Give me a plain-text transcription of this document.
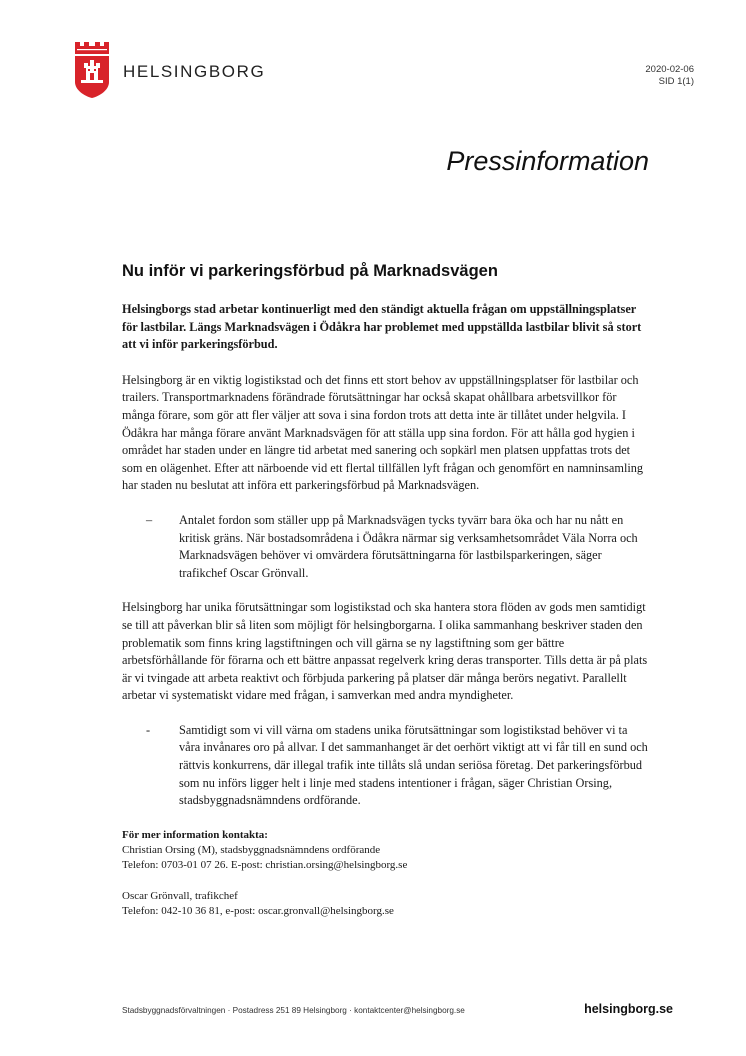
HELSINGBORG	2020-02-06
SID 1(1)
Pressinformation
Nu inför vi parkeringsförbud på Marknadsvägen

Helsingborgs stad arbetar kontinuerligt med den ständigt aktuella frågan om uppställningsplatser för lastbilar. Längs Marknadsvägen i Ödåkra har problemet med uppställda lastbilar blivit så stort att vi inför parkeringsförbud.

Helsingborg är en viktig logistikstad och det finns ett stort behov av uppställningsplatser för lastbilar och trailers. Transportmarknadens förändrade förutsättningar har också skapat ohållbara arbetsvillkor för många förare, som gör att fler väljer att sova i sina fordon trots att detta inte är tillåtet under helgvila. I Ödåkra har många förare använt Marknadsvägen för att ställa upp sina fordon. För att hålla god hygien i området har staden under en längre tid arbetat med sanering och sopkärl men platsen uppfattas trots det som en olägenhet. Efter att närboende vid ett flertal tillfällen lyft frågan och genomfört en namninsamling har staden nu beslutat att införa ett parkeringsförbud på Marknadsvägen.

–	Antalet fordon som ställer upp på Marknadsvägen tycks tyvärr bara öka och har nu nått en kritisk gräns. När bostadsområdena i Ödåkra närmar sig verksamhetsområdet Väla Norra och Marknadsvägen behöver vi omvärdera förutsättningarna för lastbilsparkeringen, säger trafikchef Oscar Grönvall.

Helsingborg har unika förutsättningar som logistikstad och ska hantera stora flöden av gods men samtidigt se till att påverkan blir så liten som möjligt för helsingborgarna. I olika sammanhang beskriver staden den problematik som finns kring lagstiftningen och vill gärna se ny lagstiftning som ger bättre arbetsförhållande för förarna och ett bättre anpassat regelverk kring deras transporter. Tills detta är på plats är vi tvingade att arbeta reaktivt och förbjuda parkering på platser där många berörs negativt. Parallellt arbetar vi systematiskt vidare med frågan, i samverkan med andra myndigheter.

-	Samtidigt som vi vill värna om stadens unika förutsättningar som logistikstad behöver vi ta våra invånares oro på allvar. I det sammanhanget är det oerhört viktigt att vi får till en sund och rättvis konkurrens, där illegal trafik inte tillåts slå undan seriösa företag. Det parkeringsförbud som nu införs ligger helt i linje med stadens intentioner i frågan, säger Christian Orsing, stadsbyggnadsnämndens ordförande.

För mer information kontakta:

Christian Orsing (M), stadsbyggnadsnämndens ordförande

Telefon: 0703-01 07 26. E-post: christian.orsing@helsingborg.se

Oscar Grönvall, trafikchef

Telefon: 042-10 36 81, e-post: oscar.gronvall@helsingborg.se

Stadsbyggnadsförvaltningen · Postadress 251 89 Helsingborg · kontaktcenter@helsingborg.se	helsingborg.se
